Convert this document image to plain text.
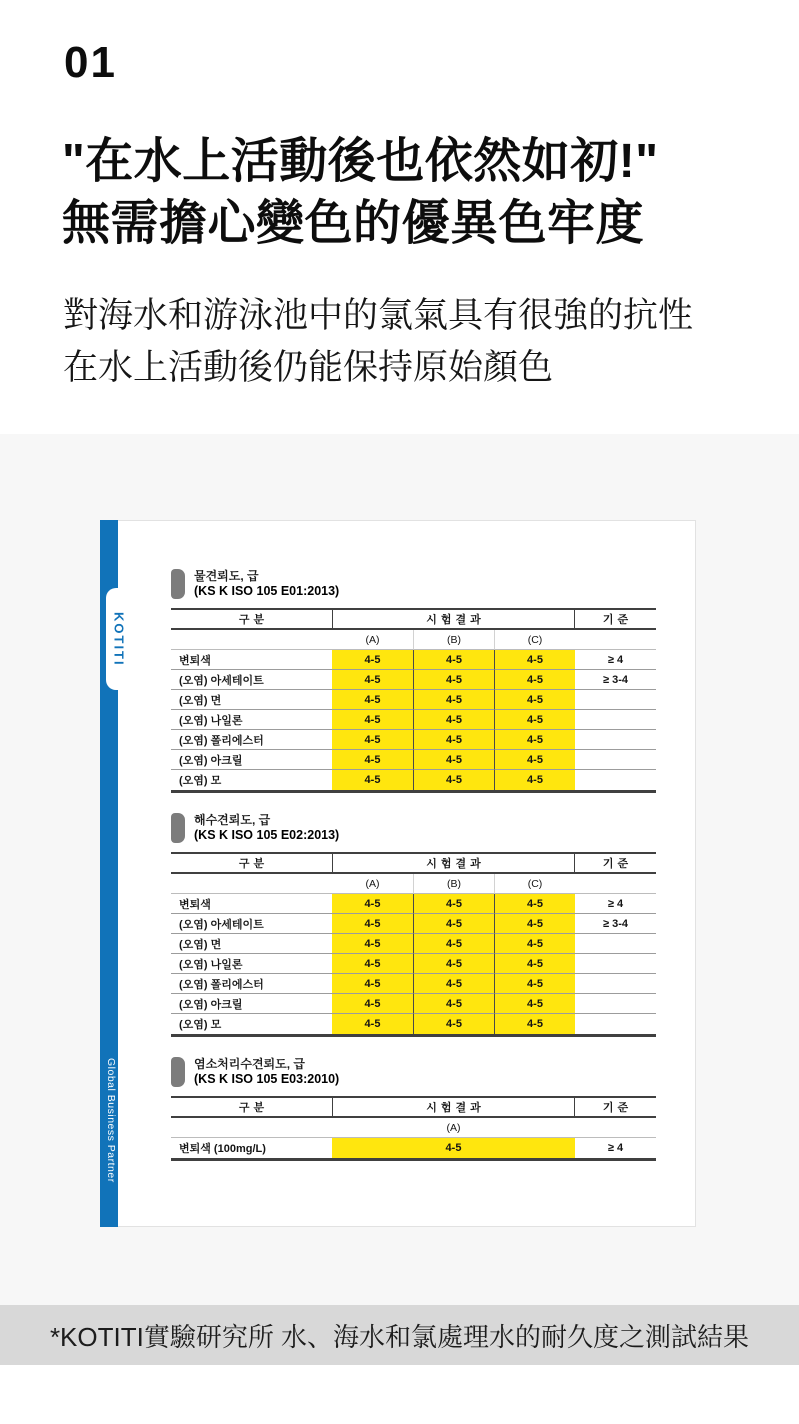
01
"在水上活動後也依然如初!"
無需擔心變色的優異色牢度

對海水和游泳池中的氯氣具有很強的抗性
在水上活動後仍能保持原始顏色

KOTITI
Global Business Partner
물견뢰도, 급
(KS K ISO 105 E01:2013)
구분	시험결과	기준
(A)	(B)	(C)
변퇴색	4-5	4-5	4-5	≥ 4
(오염) 아세테이트	4-5	4-5	4-5	≥ 3-4
(오염) 면	4-5	4-5	4-5
(오염) 나일론	4-5	4-5	4-5
(오염) 폴리에스터	4-5	4-5	4-5
(오염) 아크릴	4-5	4-5	4-5
(오염) 모	4-5	4-5	4-5
해수견뢰도, 급
(KS K ISO 105 E02:2013)
구분	시험결과	기준
(A)	(B)	(C)
변퇴색	4-5	4-5	4-5	≥ 4
(오염) 아세테이트	4-5	4-5	4-5	≥ 3-4
(오염) 면	4-5	4-5	4-5
(오염) 나일론	4-5	4-5	4-5
(오염) 폴리에스터	4-5	4-5	4-5
(오염) 아크릴	4-5	4-5	4-5
(오염) 모	4-5	4-5	4-5
염소처리수견뢰도, 급
(KS K ISO 105 E03:2010)
구분	시험결과	기준
(A)
변퇴색 (100mg/L)	4-5	≥ 4
*KOTITI實驗研究所 水、海水和氯處理水的耐久度之測試結果
